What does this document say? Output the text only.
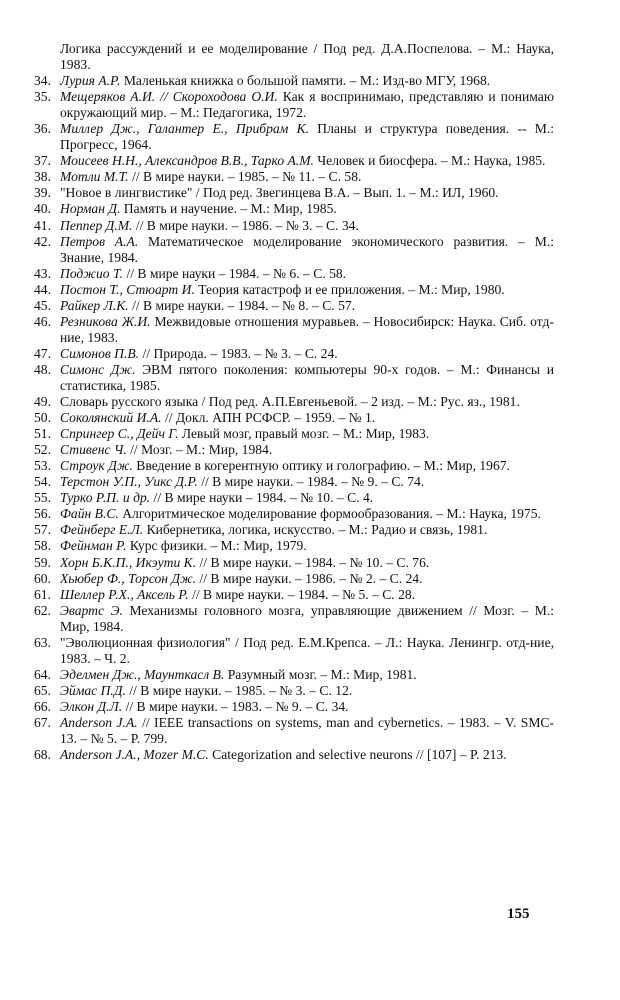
Логика рассуждений и ее моделирование / Под ред. Д.А.Поспелова. – М.: Наука, 1983.
34. Лурия А.Р. Маленькая книжка о большой памяти. – М.: Изд-во МГУ, 1968.
35. Мещеряков А.И. // Скороходова О.И. Как я воспринимаю, представляю и понимаю окружающий мир. – М.: Педагогика, 1972.
36. Миллер Дж., Галантер Е., Прибрам К. Планы и структура поведения. -- М.: Прогресс, 1964.
37. Моисеев Н.Н., Александров В.В., Тарко А.М. Человек и биосфера. – М.: Наука, 1985.
38. Мотли М.Т. // В мире науки. – 1985. – № 11. – С. 58.
39. "Новое в лингвистике" / Под ред. Звегинцева В.А. – Вып. 1. – М.: ИЛ, 1960.
40. Норман Д. Память и научение. – М.: Мир, 1985.
41. Пеппер Д.М. // В мире науки. – 1986. – № 3. – С. 34.
42. Петров А.А. Математическое моделирование экономического развития. – М.: Знание, 1984.
43. Поджио Т. // В мире науки – 1984. – № 6. – С. 58.
44. Постон Т., Стюарт И. Теория катастроф и ее приложения. – М.: Мир, 1980.
45. Райкер Л.К. // В мире науки. – 1984. – № 8. – С. 57.
46. Резникова Ж.И. Межвидовые отношения муравьев. – Новосибирск: Наука. Сиб. отд-ние, 1983.
47. Симонов П.В. // Природа. – 1983. – № 3. – С. 24.
48. Симонс Дж. ЭВМ пятого поколения: компьютеры 90-х годов. – М.: Финансы и статистика, 1985.
49. Словарь русского языка / Под ред. А.П.Евгеньевой. – 2 изд. – М.: Рус. яз., 1981.
50. Соколянский И.А. // Докл. АПН РСФСР. – 1959. – № 1.
51. Спрингер С., Дейч Г. Левый мозг, правый мозг. – М.: Мир, 1983.
52. Стивенс Ч. // Мозг. – М.: Мир, 1984.
53. Строук Дж. Введение в когерентную оптику и голографию. – М.: Мир, 1967.
54. Терстон У.П., Уикс Д.Р. // В мире науки. – 1984. – № 9. – С. 74.
55. Турко Р.П. и др. // В мире науки – 1984. – № 10. – С. 4.
56. Файн В.С. Алгоритмическое моделирование формообразования. – М.: Наука, 1975.
57. Фейнберг Е.Л. Кибернетика, логика, искусство. – М.: Радио и связь, 1981.
58. Фейнман Р. Курс физики. – М.: Мир, 1979.
59. Хорн Б.К.П., Икэути К. // В мире науки. – 1984. – № 10. – С. 76.
60. Хьюбер Ф., Торсон Дж. // В мире науки. – 1986. – № 2. – С. 24.
61. Шеллер Р.Х., Аксель Р. // В мире науки. – 1984. – № 5. – С. 28.
62. Эвартс Э. Механизмы головного мозга, управляющие движением // Мозг. – М.: Мир, 1984.
63. "Эволюционная физиология" / Под ред. Е.М.Крепса. – Л.: Наука. Ленингр. отд-ние, 1983. – Ч. 2.
64. Эделмен Дж., Маунткасл В. Разумный мозг. – М.: Мир, 1981.
65. Эймас П.Д. // В мире науки. – 1985. – № 3. – С. 12.
66. Элкон Д.Л. // В мире науки. – 1983. – № 9. – С. 34.
67. Anderson J.A. // IEEE transactions on systems, man and cybernetics. – 1983. – V. SMC-13. – № 5. – P. 799.
68. Anderson J.A., Mozer M.C. Categorization and selective neurons // [107] – P. 213.
155
